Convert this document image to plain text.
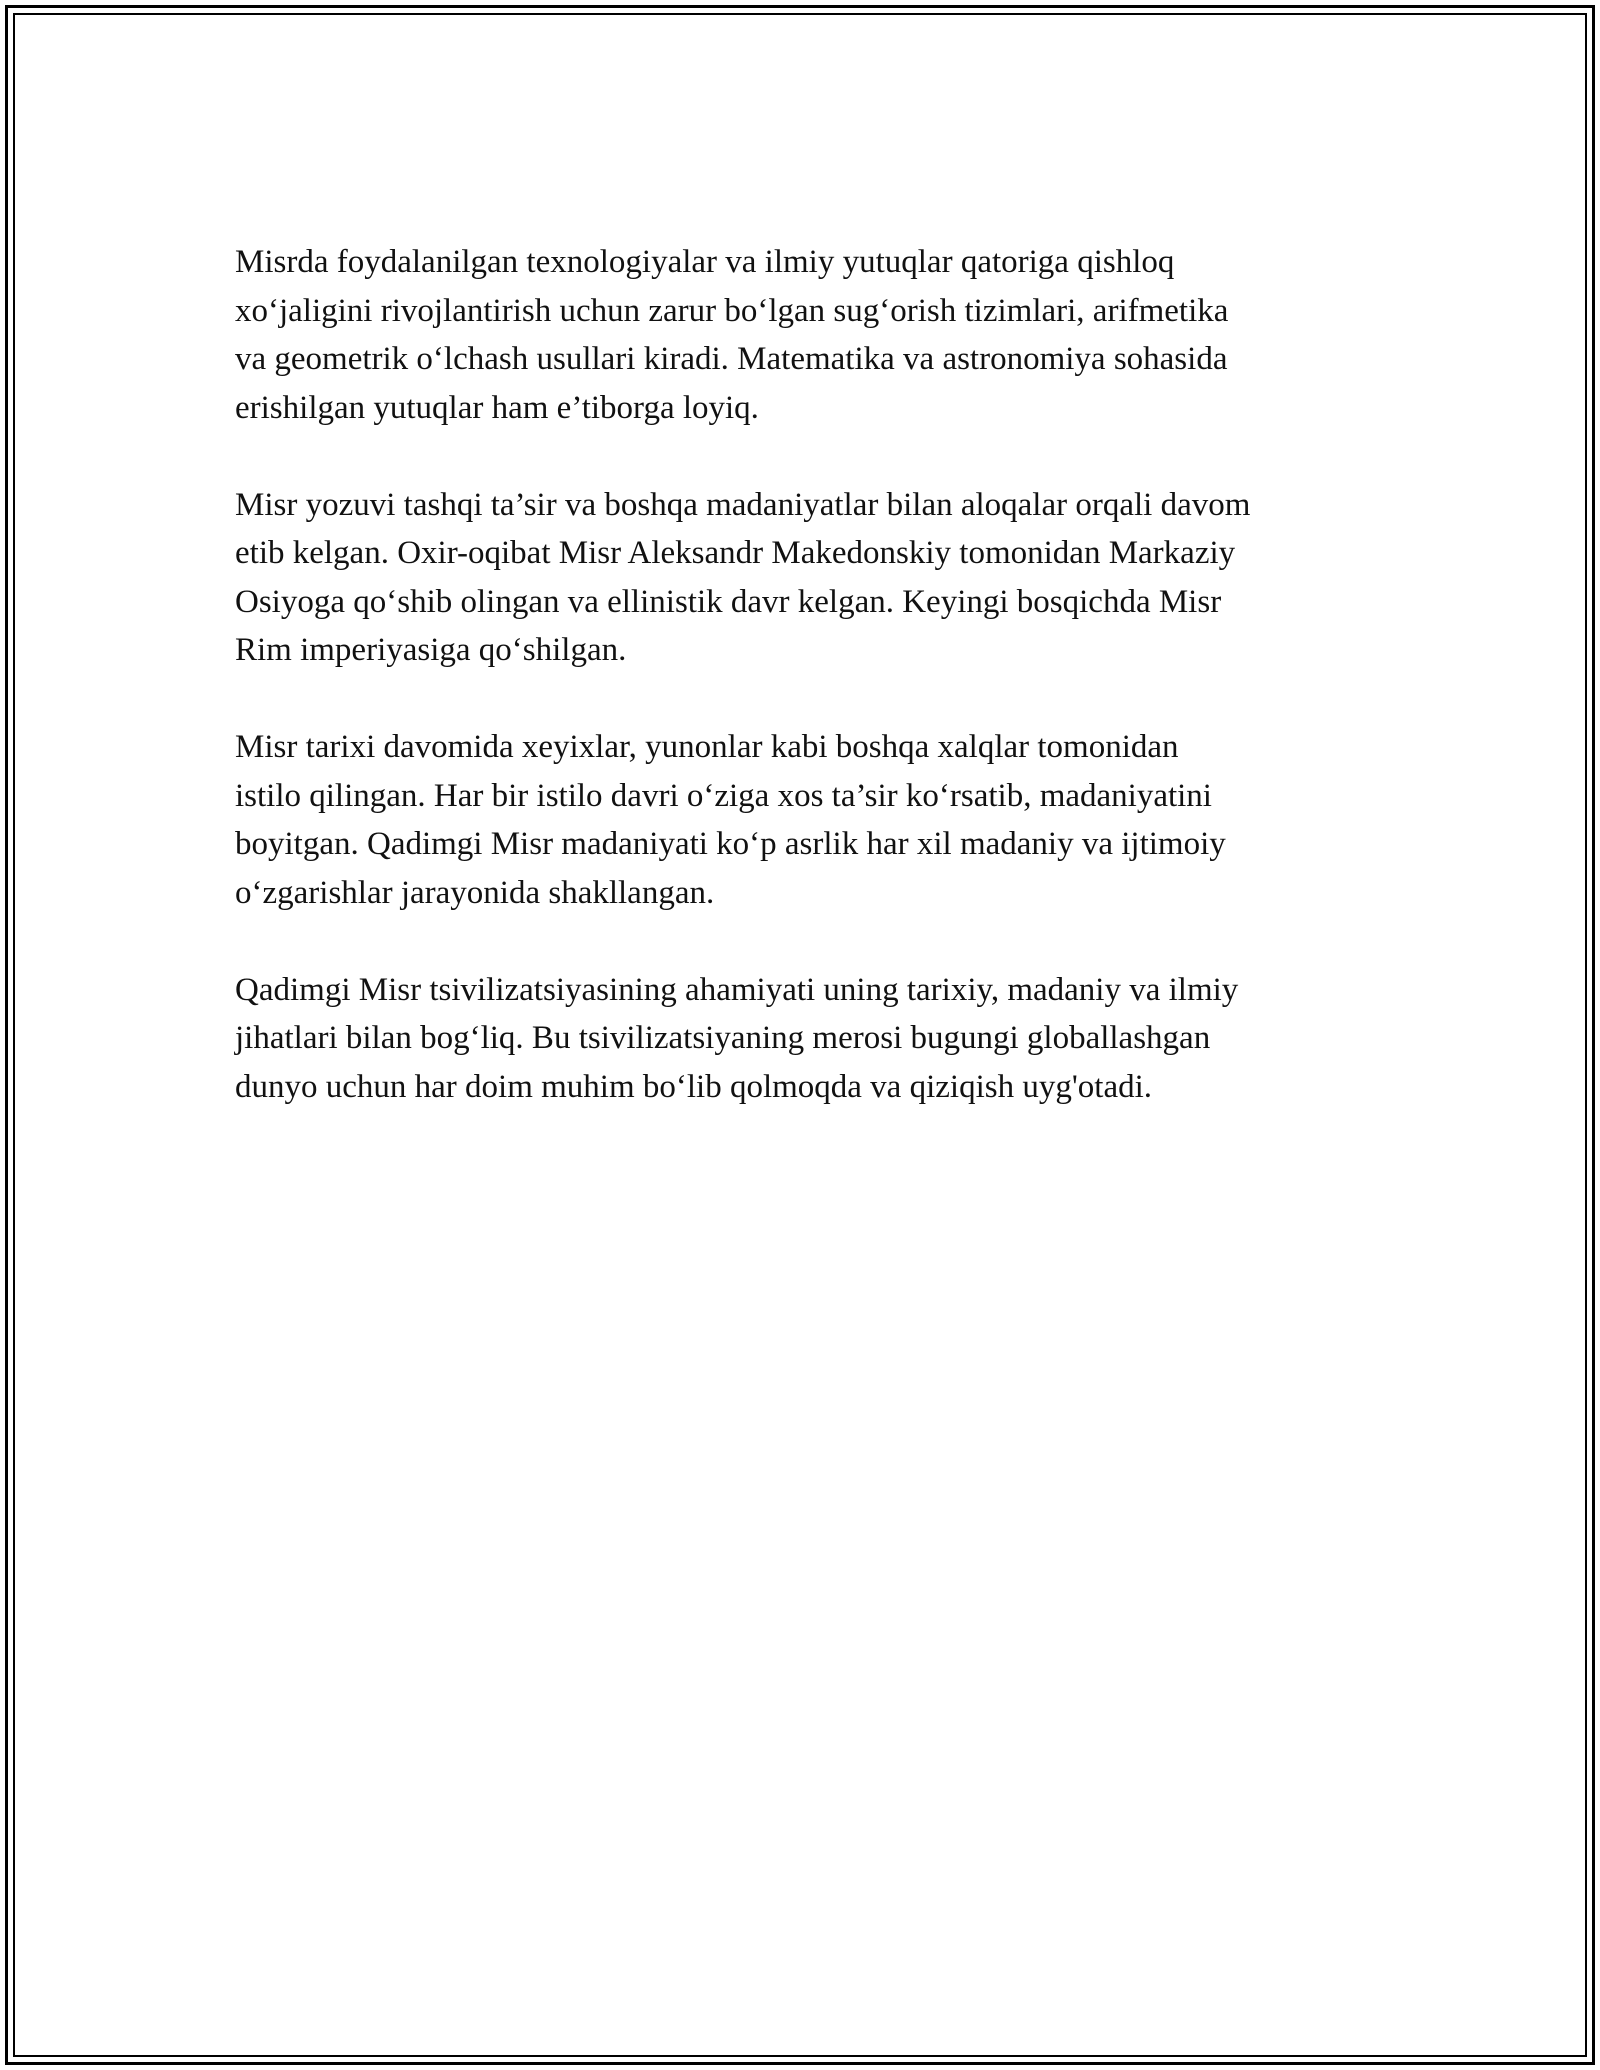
Misrda foydalanilgan texnologiyalar va ilmiy yutuqlar qatoriga qishloq
xo‘jaligini rivojlantirish uchun zarur bo‘lgan sug‘orish tizimlari, arifmetika
va geometrik o‘lchash usullari kiradi. Matematika va astronomiya sohasida
erishilgan yutuqlar ham e’tiborga loyiq.

Misr yozuvi tashqi ta’sir va boshqa madaniyatlar bilan aloqalar orqali davom
etib kelgan. Oxir-oqibat Misr Aleksandr Makedonskiy tomonidan Markaziy
Osiyoga qo‘shib olingan va ellinistik davr kelgan. Keyingi bosqichda Misr
Rim imperiyasiga qo‘shilgan.

Misr tarixi davomida xeyixlar, yunonlar kabi boshqa xalqlar tomonidan
istilo qilingan. Har bir istilo davri o‘ziga xos ta’sir ko‘rsatib, madaniyatini
boyitgan. Qadimgi Misr madaniyati ko‘p asrlik har xil madaniy va ijtimoiy
o‘zgarishlar jarayonida shakllangan.

Qadimgi Misr tsivilizatsiyasining ahamiyati uning tarixiy, madaniy va ilmiy
jihatlari bilan bog‘liq. Bu tsivilizatsiyaning merosi bugungi globallashgan
dunyo uchun har doim muhim bo‘lib qolmoqda va qiziqish uyg'otadi.
